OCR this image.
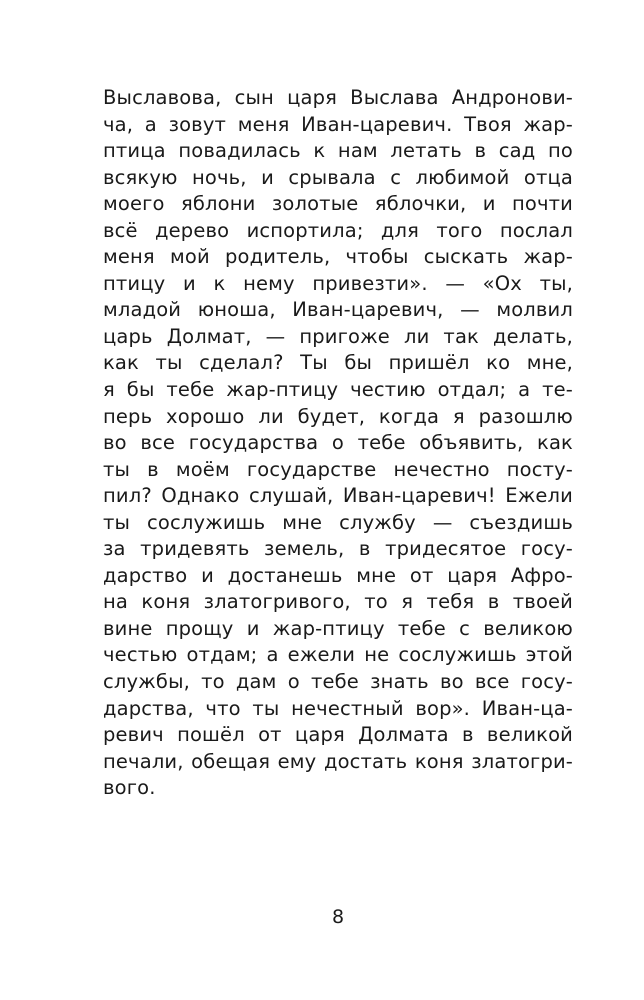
Выславова, сын царя Выслава Андронови-
ча, а зовут меня Иван-царевич. Твоя жар-
птица повадилась к нам летать в сад по
всякую ночь, и срывала с любимой отца
моего яблони золотые яблочки, и почти
всё дерево испортила; для того послал
меня мой родитель, чтобы сыскать жар-
птицу и к нему привезти». — «Ох ты,
младой юноша, Иван-царевич, — молвил
царь Долмат, — пригоже ли так делать,
как ты сделал? Ты бы пришёл ко мне,
я бы тебе жар-птицу честию отдал; а те-
перь хорошо ли будет, когда я разошлю
во все государства о тебе объявить, как
ты в моём государстве нечестно посту-
пил? Однако слушай, Иван-царевич! Ежели
ты сослужишь мне службу — съездишь
за тридевять земель, в тридесятое госу-
дарство и достанешь мне от царя Афро-
на коня златогривого, то я тебя в твоей
вине прощу и жар-птицу тебе с великою
честью отдам; а ежели не сослужишь этой
службы, то дам о тебе знать во все госу-
дарства, что ты нечестный вор». Иван-ца-
ревич пошёл от царя Долмата в великой
печали, обещая ему достать коня златогри-
вого.
8
